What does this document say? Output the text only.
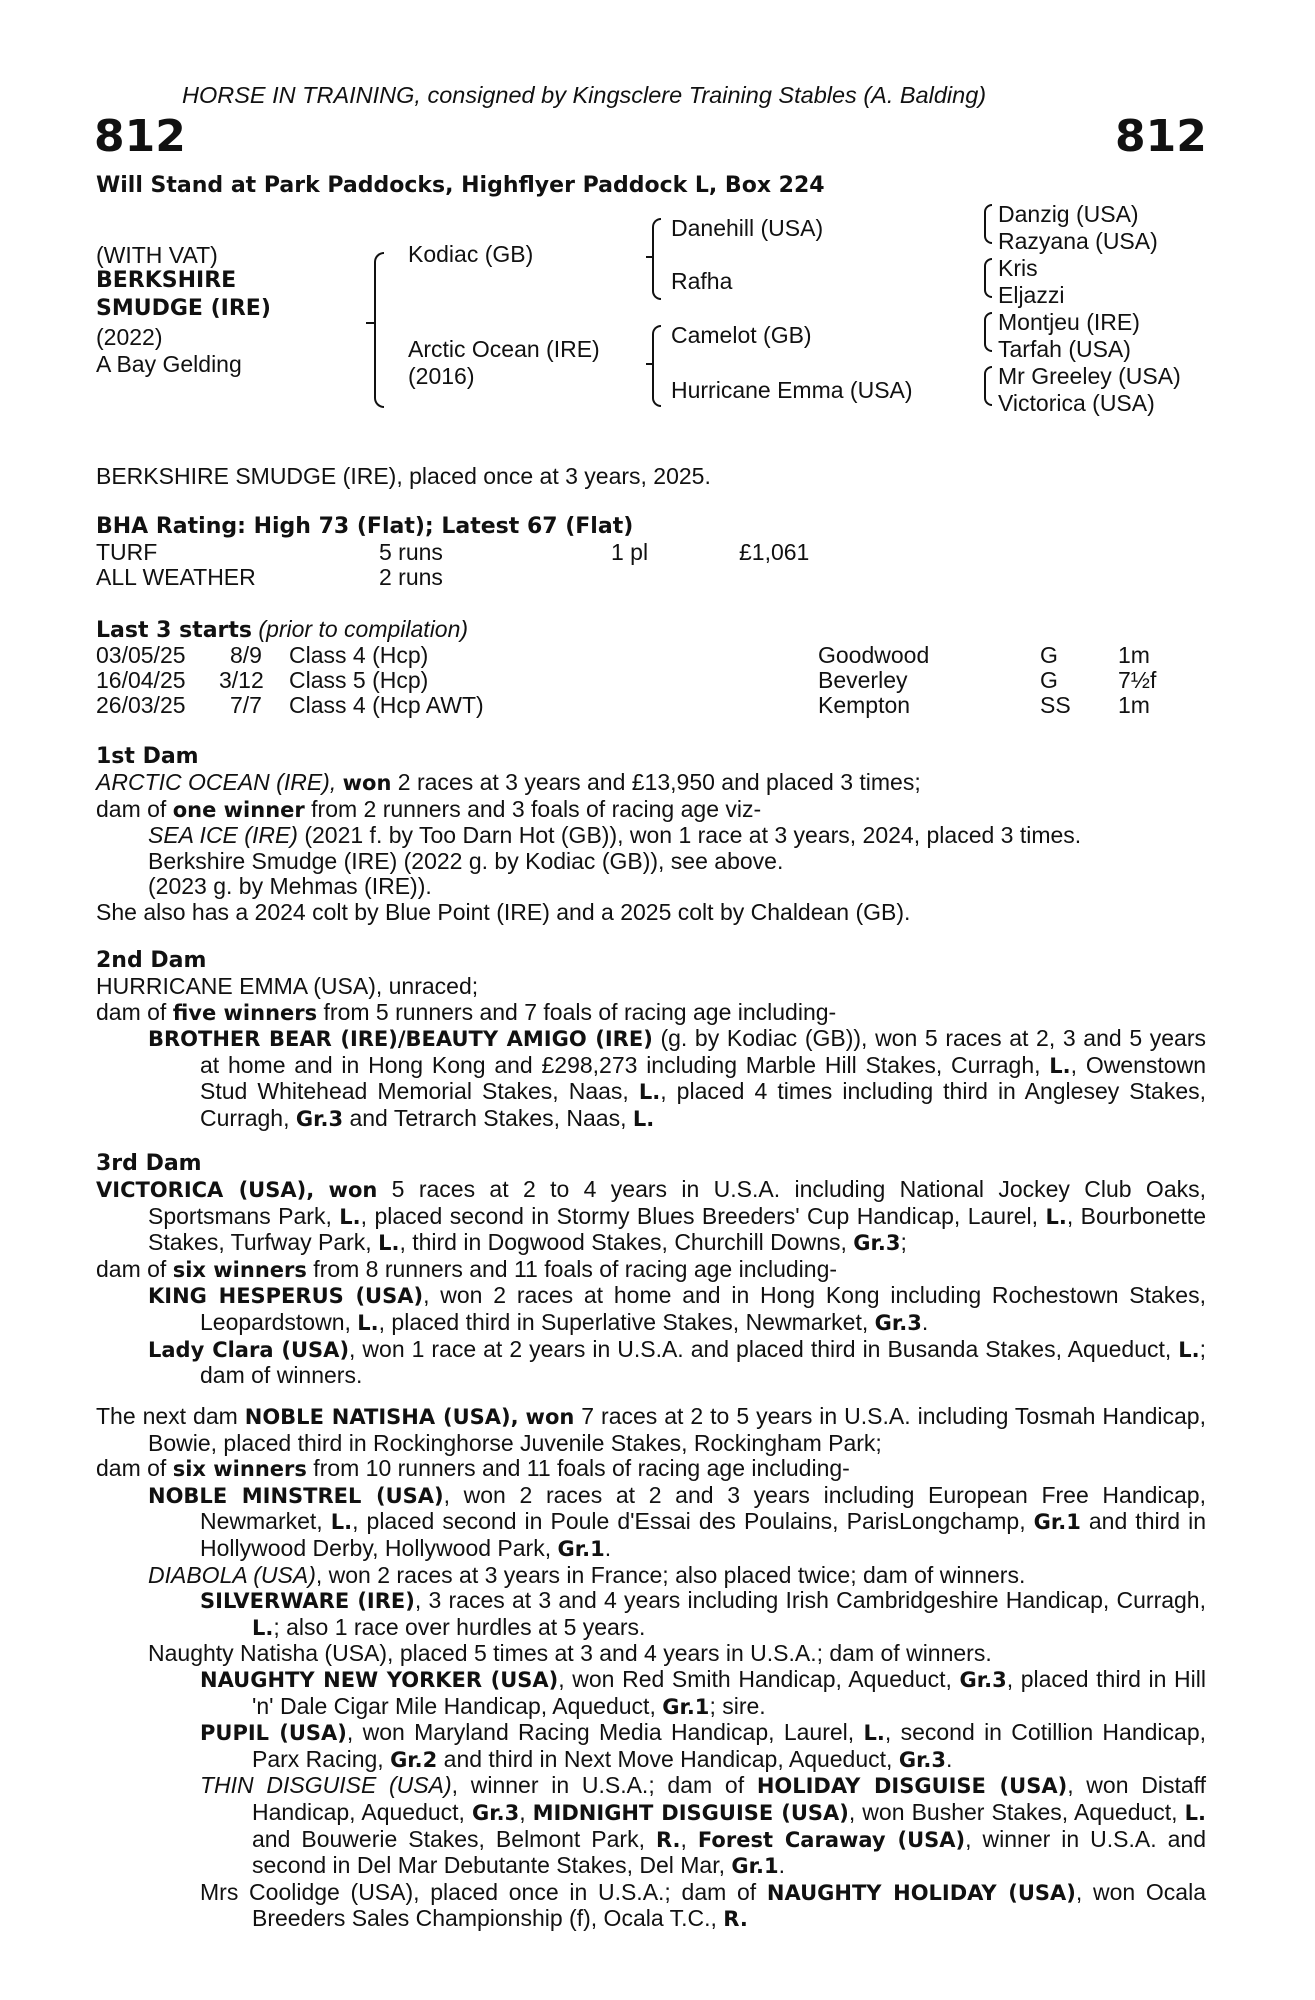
HORSE IN TRAINING, consigned by Kingsclere Training Stables (A. Balding)
812	812
Will Stand at Park Paddocks, Highflyer Paddock L, Box 224
(WITH VAT)
BERKSHIRE
SMUDGE (IRE)
(2022)
A Bay Gelding
Kodiac (GB)
Arctic Ocean (IRE)
(2016)
Danehill (USA)
Rafha
Camelot (GB)
Hurricane Emma (USA)
Danzig (USA)
Razyana (USA)
Kris
Eljazzi
Montjeu (IRE)
Tarfah (USA)
Mr Greeley (USA)
Victorica (USA)
BERKSHIRE SMUDGE (IRE), placed once at 3 years, 2025.
BHA Rating: High 73 (Flat); Latest 67 (Flat)
TURF	5 runs	1 pl	£1,061
ALL WEATHER	2 runs
Last 3 starts (prior to compilation)
03/05/25 8/9 Class 4 (Hcp)	Goodwood	G	1m
16/04/25 3/12 Class 5 (Hcp)	Beverley	G	7½f
26/03/25 7/7 Class 4 (Hcp AWT)	Kempton	SS 1m

1st Dam

ARCTIC OCEAN (IRE), won 2 races at 3 years and £13,950 and placed 3 times;

dam of one winner from 2 runners and 3 foals of racing age viz-

SEA ICE (IRE) (2021 f. by Too Darn Hot (GB)), won 1 race at 3 years, 2024, placed 3 times.

Berkshire Smudge (IRE) (2022 g. by Kodiac (GB)), see above.

(2023 g. by Mehmas (IRE)).

She also has a 2024 colt by Blue Point (IRE) and a 2025 colt by Chaldean (GB).

2nd Dam

HURRICANE EMMA (USA), unraced;

dam of five winners from 5 runners and 7 foals of racing age including-

BROTHER BEAR (IRE)/BEAUTY AMIGO (IRE) (g. by Kodiac (GB)), won 5 races at 2, 3 and 5 years at home and in Hong Kong and £298,273 including Marble Hill Stakes, Curragh, L., Owenstown Stud Whitehead Memorial Stakes, Naas, L., placed 4 times including third in Anglesey Stakes, Curragh, Gr.3 and Tetrarch Stakes, Naas, L.

3rd Dam

VICTORICA (USA), won 5 races at 2 to 4 years in U.S.A. including National Jockey Club Oaks, Sportsmans Park, L., placed second in Stormy Blues Breeders' Cup Handicap, Laurel, L., Bourbonette Stakes, Turfway Park, L., third in Dogwood Stakes, Churchill Downs, Gr.3;

dam of six winners from 8 runners and 11 foals of racing age including-

KING HESPERUS (USA), won 2 races at home and in Hong Kong including Rochestown Stakes, Leopardstown, L., placed third in Superlative Stakes, Newmarket, Gr.3.

Lady Clara (USA), won 1 race at 2 years in U.S.A. and placed third in Busanda Stakes, Aqueduct, L.; dam of winners.

The next dam NOBLE NATISHA (USA), won 7 races at 2 to 5 years in U.S.A. including Tosmah Handicap, Bowie, placed third in Rockinghorse Juvenile Stakes, Rockingham Park;

dam of six winners from 10 runners and 11 foals of racing age including-

NOBLE MINSTREL (USA), won 2 races at 2 and 3 years including European Free Handicap, Newmarket, L., placed second in Poule d'Essai des Poulains, ParisLongchamp, Gr.1 and third in Hollywood Derby, Hollywood Park, Gr.1.

DIABOLA (USA), won 2 races at 3 years in France; also placed twice; dam of winners.

SILVERWARE (IRE), 3 races at 3 and 4 years including Irish Cambridgeshire Handicap, Curragh, L.; also 1 race over hurdles at 5 years.

Naughty Natisha (USA), placed 5 times at 3 and 4 years in U.S.A.; dam of winners.

NAUGHTY NEW YORKER (USA), won Red Smith Handicap, Aqueduct, Gr.3, placed third in Hill 'n' Dale Cigar Mile Handicap, Aqueduct, Gr.1; sire.

PUPIL (USA), won Maryland Racing Media Handicap, Laurel, L., second in Cotillion Handicap, Parx Racing, Gr.2 and third in Next Move Handicap, Aqueduct, Gr.3.

THIN DISGUISE (USA), winner in U.S.A.; dam of HOLIDAY DISGUISE (USA), won Distaff Handicap, Aqueduct, Gr.3, MIDNIGHT DISGUISE (USA), won Busher Stakes, Aqueduct, L. and Bouwerie Stakes, Belmont Park, R., Forest Caraway (USA), winner in U.S.A. and second in Del Mar Debutante Stakes, Del Mar, Gr.1.

Mrs Coolidge (USA), placed once in U.S.A.; dam of NAUGHTY HOLIDAY (USA), won Ocala Breeders Sales Championship (f), Ocala T.C., R.
